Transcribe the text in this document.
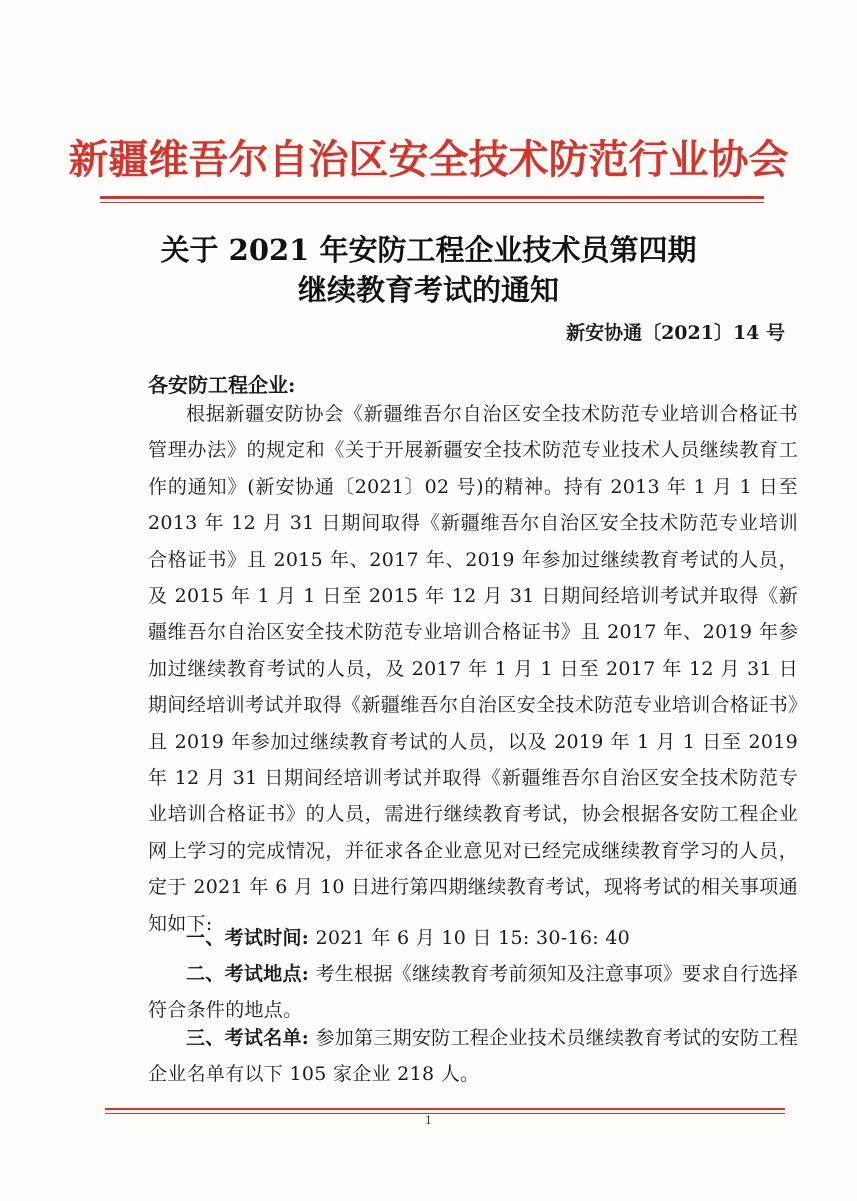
新疆维吾尔自治区安全技术防范行业协会
关于 2021 年安防工程企业技术员第四期
继续教育考试的通知
新安协通〔2021〕14 号
各安防工程企业:
根据新疆安防协会《新疆维吾尔自治区安全技术防范专业培训合格证书管理办法》的规定和《关于开展新疆安全技术防范专业技术人员继续教育工作的通知》(新安协通〔2021〕02 号)的精神。持有 2013 年 1 月 1 日至 2013 年 12 月 31 日期间取得《新疆维吾尔自治区安全技术防范专业培训合格证书》且 2015 年、2017 年、2019 年参加过继续教育考试的人员，及 2015 年 1 月 1 日至 2015 年 12 月 31 日期间经培训考试并取得《新疆维吾尔自治区安全技术防范专业培训合格证书》且 2017 年、2019 年参加过继续教育考试的人员，及 2017 年 1 月 1 日至 2017 年 12 月 31 日期间经培训考试并取得《新疆维吾尔自治区安全技术防范专业培训合格证书》且 2019 年参加过继续教育考试的人员，以及 2019 年 1 月 1 日至 2019 年 12 月 31 日期间经培训考试并取得《新疆维吾尔自治区安全技术防范专业培训合格证书》的人员，需进行继续教育考试，协会根据各安防工程企业网上学习的完成情况，并征求各企业意见对已经完成继续教育学习的人员，定于 2021 年 6 月 10 日进行第四期继续教育考试，现将考试的相关事项通知如下:
一、考试时间: 2021 年 6 月 10 日 15: 30-16: 40
二、考试地点: 考生根据《继续教育考前须知及注意事项》要求自行选择符合条件的地点。
三、考试名单: 参加第三期安防工程企业技术员继续教育考试的安防工程企业名单有以下 105 家企业 218 人。
1
